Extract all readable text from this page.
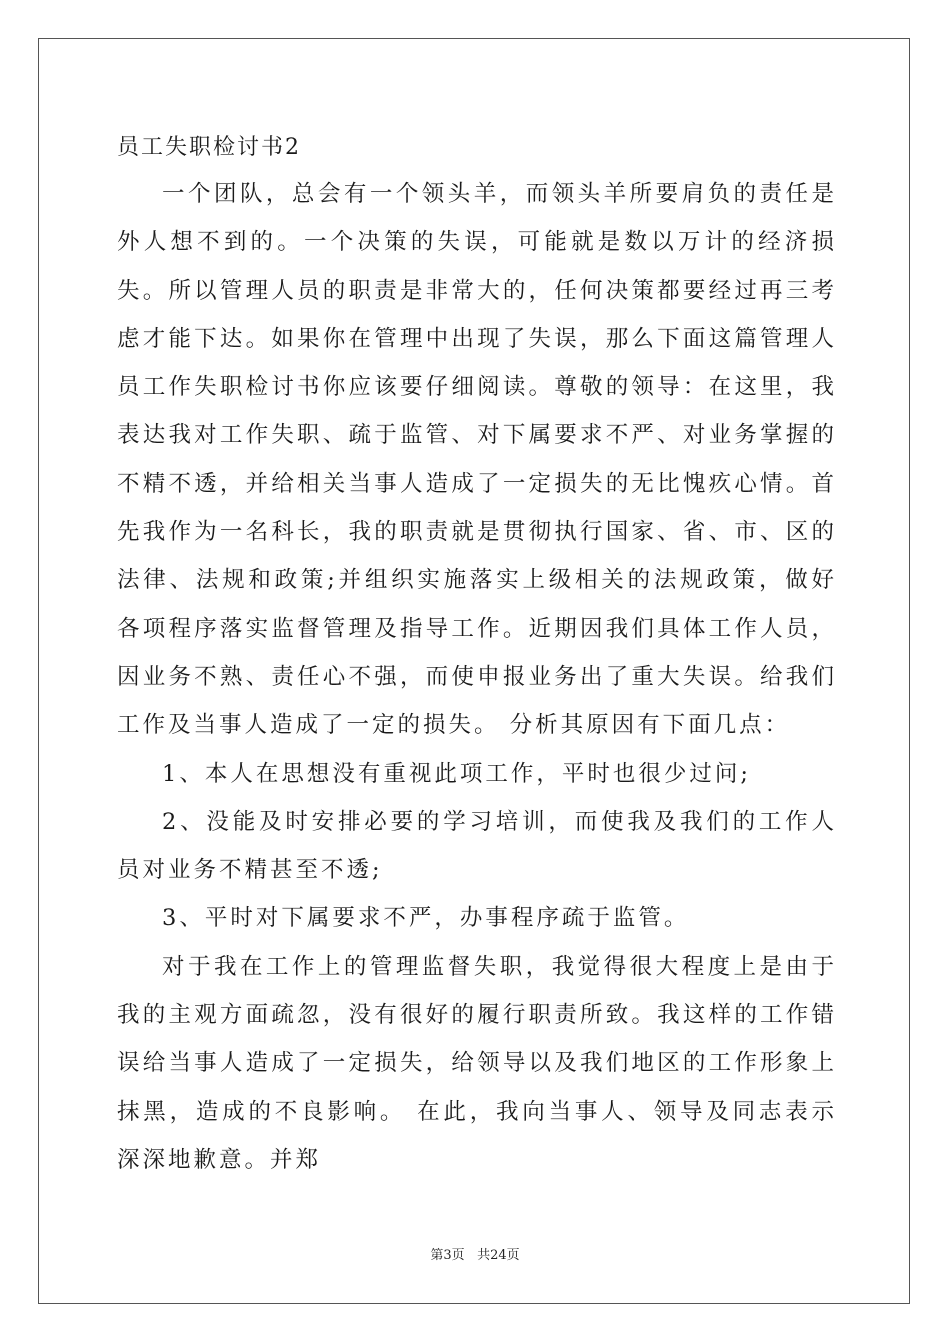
员工失职检讨书2

一个团队，总会有一个领头羊，而领头羊所要肩负的责任是外人想不到的。一个决策的失误，可能就是数以万计的经济损失。所以管理人员的职责是非常大的，任何决策都要经过再三考虑才能下达。如果你在管理中出现了失误，那么下面这篇管理人员工作失职检讨书你应该要仔细阅读。尊敬的领导：在这里，我表达我对工作失职、疏于监管、对下属要求不严、对业务掌握的不精不透，并给相关当事人造成了一定损失的无比愧疚心情。首先我作为一名科长，我的职责就是贯彻执行国家、省、市、区的法律、法规和政策;并组织实施落实上级相关的法规政策，做好各项程序落实监督管理及指导工作。近期因我们具体工作人员，因业务不熟、责任心不强，而使申报业务出了重大失误。给我们工作及当事人造成了一定的损失。 分析其原因有下面几点：

1、本人在思想没有重视此项工作，平时也很少过问;

2、没能及时安排必要的学习培训，而使我及我们的工作人员对业务不精甚至不透;

3、平时对下属要求不严，办事程序疏于监管。

对于我在工作上的管理监督失职，我觉得很大程度上是由于我的主观方面疏忽，没有很好的履行职责所致。我这样的工作错误给当事人造成了一定损失，给领导以及我们地区的工作形象上抹黑，造成的不良影响。 在此，我向当事人、领导及同志表示深深地歉意。并郑

第3页 共24页
